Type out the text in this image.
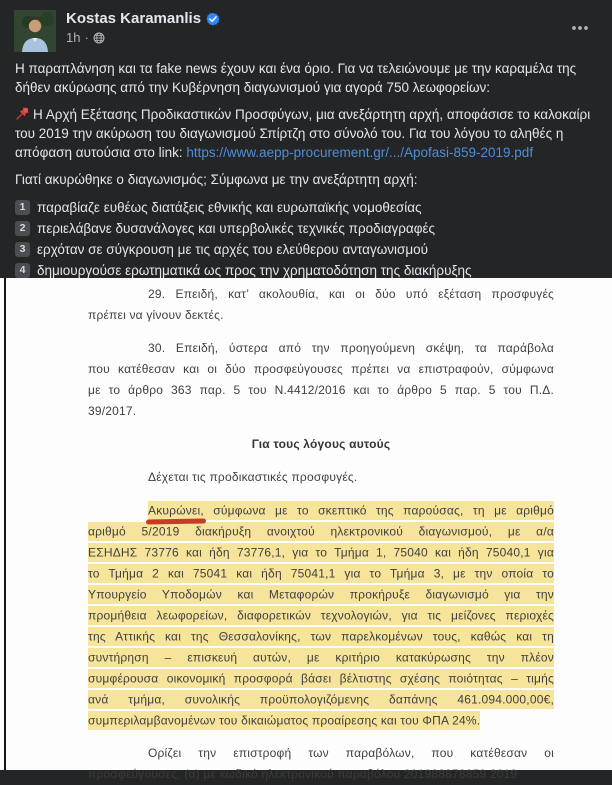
Kostas Karamanlis
1h ·

Η παραπλάνηση και τα fake news έχουν και ένα όριο. Για να τελειώνουμε με την καραμέλα της δήθεν ακύρωσης από την Κυβέρνηση διαγωνισμού για αγορά 750 λεωφορείων:

Η Αρχή Εξέτασης Προδικαστικών Προσφύγων, μια ανεξάρτητη αρχή, αποφάσισε το καλοκαίρι του 2019 την ακύρωση του διαγωνισμού Σπίρτζη στο σύνολό του. Για του λόγου το αληθές η απόφαση αυτούσια στο link: https://www.aepp-procurement.gr/.../Apofasi-859-2019.pdf

Γιατί ακυρώθηκε ο διαγωνισμός; Σύμφωνα με την ανεξάρτητη αρχή:

1 παραβίαζε ευθέως διατάξεις εθνικής και ευρωπαϊκής νομοθεσίας
2 περιελάβανε δυσανάλογες και υπερβολικές τεχνικές προδιαγραφές
3 ερχόταν σε σύγκρουση με τις αρχές του ελεύθερου ανταγωνισμού
4 δημιουργούσε ερωτηματικά ως προς την χρηματοδότηση της διακήρυξης
29. Επειδή, κατ’ ακολουθία, και οι δύο υπό εξέταση προσφυγές
πρέπει να γίνουν δεκτές.
30. Επειδή, ύστερα από την προηγούμενη σκέψη, τα παράβολα
που κατέθεσαν και οι δύο προσφεύγουσες πρέπει να επιστραφούν, σύμφωνα
με το άρθρο 363 παρ. 5 του Ν.4412/2016 και το άρθρο 5 παρ. 5 του Π.Δ.
39/2017.
Για τους λόγους αυτούς
Δέχεται τις προδικαστικές προσφυγές.
Ακυρώνει, σύμφωνα με το σκεπτικό της παρούσας, τη με αριθμό
αριθμό 5/2019 διακήρυξη ανοιχτού ηλεκτρονικού διαγωνισμού, με α/α
ΕΣΗΔΗΣ 73776 και ήδη 73776,1, για το Τμήμα 1, 75040 και ήδη 75040,1 για
το Τμήμα 2 και 75041 και ήδη 75041,1 για το Τμήμα 3, με την οποία το
Υπουργείο Υποδομών και Μεταφορών προκήρυξε διαγωνισμό για την
προμήθεια λεωφορείων, διαφορετικών τεχνολογιών, για τις μείζονες περιοχές
της Αττικής και της Θεσσαλονίκης, των παρελκομένων τους, καθώς και τη
συντήρηση – επισκευή αυτών, με κριτήριο κατακύρωσης την πλέον
συμφέρουσα οικονομική προσφορά βάσει βέλτιστης σχέσης ποιότητας – τιμής
ανά τμήμα, συνολικής προϋπολογιζόμενης δαπάνης 461.094.000,00€,
συμπεριλαμβανομένων του δικαιώματος προαίρεσης και του ΦΠΑ 24%.
Ορίζει την επιστροφή των παραβόλων, που κατέθεσαν οι
προσφεύγουσες, (α) με κωδικό ηλεκτρονικού παραβόλου 201988878859 2019
